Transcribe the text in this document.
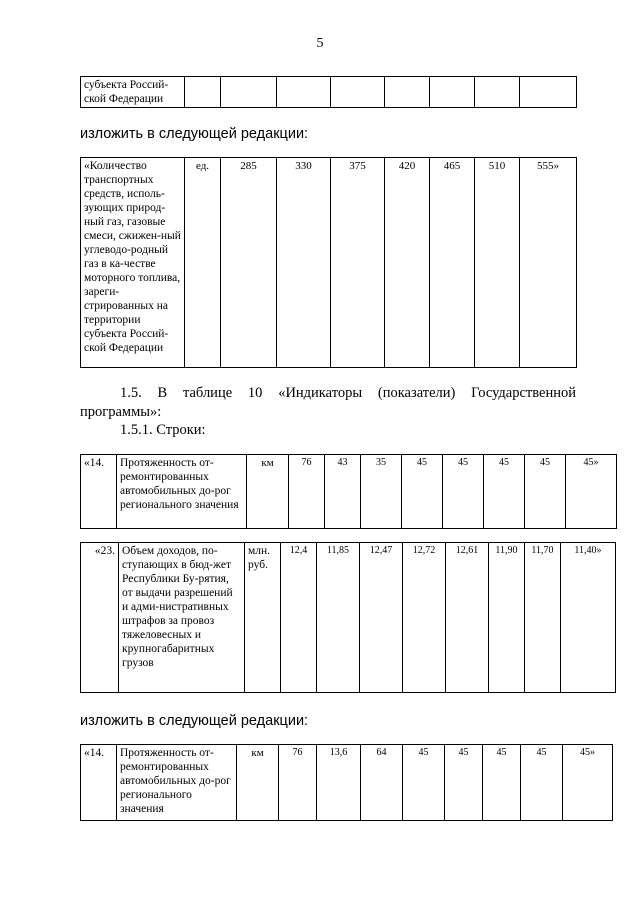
5
субъекта Россий-ской Федерации								
изложить в следующей редакции:
«Количество транспортных средств, исполь-зующих природ-ный газ, газовые смеси, сжижен-ный углеводо-родный газ в ка-честве моторного топлива, зареги-стрированных на территории субъекта Россий-ской Федерации	ед.	285	330	375	420	465	510	555»
1.5. В таблице 10 «Индикаторы (показатели) Государственной программы»:
1.5.1. Строки:
«14.	Протяженность от-ремонтированных автомобильных до-рог регионального значения	км	76	43	35	45	45	45	45	45»
«23.	Объем доходов, по-ступающих в бюд-жет Республики Бу-рятия, от выдачи разрешений и адми-нистративных штрафов за провоз тяжеловесных и крупногабаритных грузов	млн. руб.	12,4	11,85	12,47	12,72	12,61	11,90	11,70	11,40»
изложить в следующей редакции:
«14.	Протяженность от-ремонтированных автомобильных до-рог регионального значения	км	76	13,6	64	45	45	45	45	45»
